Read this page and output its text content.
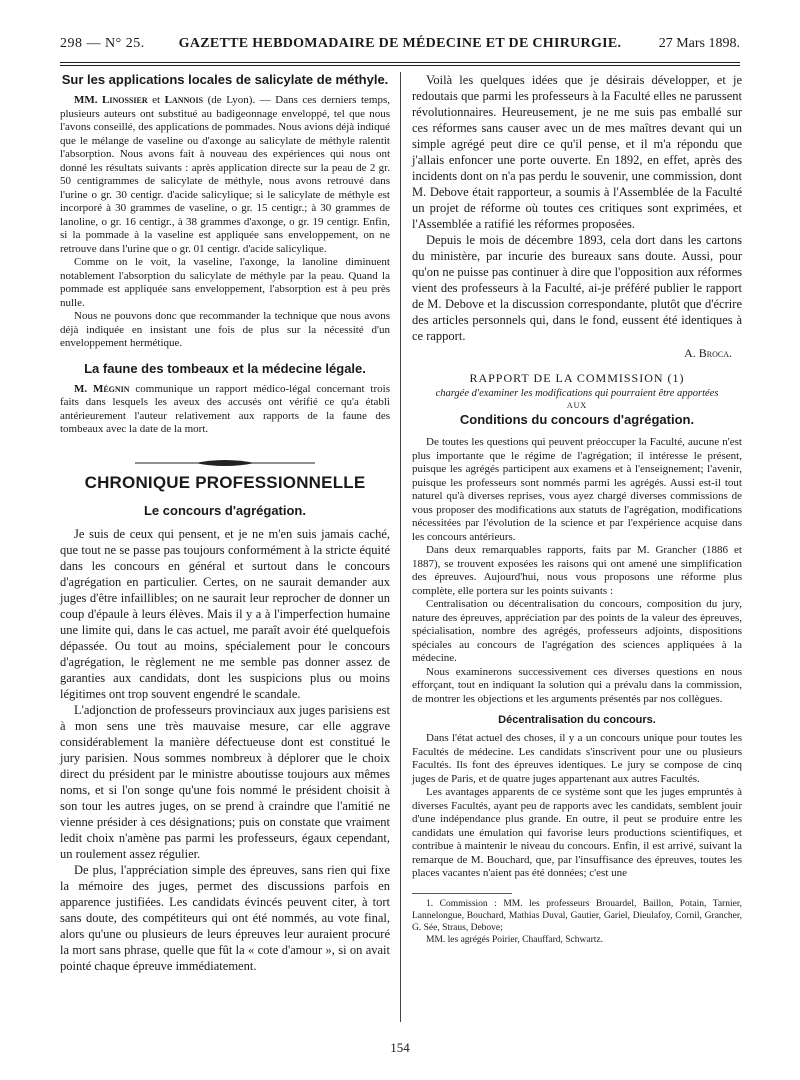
298 — N° 25.	GAZETTE HEBDOMADAIRE DE MÉDECINE ET DE CHIRURGIE.	27 Mars 1898.
Sur les applications locales de salicylate de méthyle.

MM. Linossier et Lannois (de Lyon). — Dans ces derniers temps, plusieurs auteurs ont substitué au badigeonnage enveloppé, tel que nous l'avons conseillé, des applications de pommades. Nous avions déjà indiqué que le mélange de vaseline ou d'axonge au salicylate de méthyle ralentit l'absorption. Nous avons fait à nouveau des expériences qui nous ont donné les résultats suivants : après application directe sur la peau de 2 gr. 50 centigrammes de salicylate de méthyle, nous avons retrouvé dans l'urine o gr. 30 centigr. d'acide salicylique; si le salicylate de méthyle est incorporé à 30 grammes de vaseline, o gr. 15 centigr.; à 30 grammes de lanoline, o gr. 16 centigr., à 38 grammes d'axonge, o gr. 19 centigr. Enfin, si la pommade à la vaseline est appliquée sans enveloppement, on ne retrouve dans l'urine que o gr. 01 centigr. d'acide salicylique.

Comme on le voit, la vaseline, l'axonge, la lanoline diminuent notablement l'absorption du salicylate de méthyle par la peau. Quand la pommade est appliquée sans enveloppement, l'absorption est à peu près nulle.

Nous ne pouvons donc que recommander la technique que nous avons déjà indiquée en insistant une fois de plus sur la nécessité d'un enveloppement hermétique.

La faune des tombeaux et la médecine légale.

M. Mégnin communique un rapport médico-légal concernant trois faits dans lesquels les aveux des accusés ont vérifié ce qu'a établi antérieurement l'auteur relativement aux rapports de la faune des tombeaux avec la date de la mort.

CHRONIQUE PROFESSIONNELLE
Le concours d'agrégation.

Je suis de ceux qui pensent, et je ne m'en suis jamais caché, que tout ne se passe pas toujours conformément à la stricte équité dans les concours en général et surtout dans le concours d'agrégation en particulier. Certes, on ne saurait demander aux juges d'être infaillibles; on ne saurait leur reprocher de donner un coup d'épaule à leurs élèves. Mais il y a à l'imperfection humaine une limite qui, dans le cas actuel, me paraît avoir été quelquefois dépassée. Ou tout au moins, spécialement pour le concours d'agrégation, le règlement ne me semble pas donner assez de garanties aux candidats, dont les suspicions plus ou moins légitimes ont trop souvent engendré le scandale.

L'adjonction de professeurs provinciaux aux juges parisiens est à mon sens une très mauvaise mesure, car elle aggrave considérablement la manière défectueuse dont est constitué le jury parisien. Nous sommes nombreux à déplorer que le choix direct du président par le ministre aboutisse toujours aux mêmes noms, et si l'on songe qu'une fois nommé le président choisit à son tour les autres juges, on se prend à craindre que l'amitié ne vienne présider à ces désignations; puis on constate que vraiment ledit choix n'amène pas parmi les professeurs, égaux cependant, un roulement assez régulier.

De plus, l'appréciation simple des épreuves, sans rien qui fixe la mémoire des juges, permet des discussions parfois en apparence justifiées. Les candidats évincés peuvent citer, à tort sans doute, des compétiteurs qui ont été nommés, au vote final, alors qu'une ou plusieurs de leurs épreuves leur auraient procuré la mort sans phrase, quelle que fût la « cote d'amour », si on avait pointé chaque épreuve immédiatement.

Voilà les quelques idées que je désirais développer, et je redoutais que parmi les professeurs à la Faculté elles ne parussent révolutionnaires. Heureusement, je ne me suis pas emballé sur ces réformes sans causer avec un de mes maîtres devant qui un simple agrégé peut dire ce qu'il pense, et il m'a répondu que j'allais enfoncer une porte ouverte. En 1892, en effet, après des incidents dont on n'a pas perdu le souvenir, une commission, dont M. Debove était rapporteur, a soumis à l'Assemblée de la Faculté un projet de réforme où toutes ces critiques sont exprimées, et l'Assemblée a ratifié les réformes proposées.

Depuis le mois de décembre 1893, cela dort dans les cartons du ministère, par incurie des bureaux sans doute. Aussi, pour qu'on ne puisse pas continuer à dire que l'opposition aux réformes vient des professeurs à la Faculté, ai-je préféré publier le rapport de M. Debove et la discussion correspondante, plutôt que d'écrire des articles personnels qui, dans le fond, eussent été identiques à ce rapport.

A. Broca.
RAPPORT DE LA COMMISSION (1)

chargée d'examiner les modifications qui pourraient être apportées

AUX
Conditions du concours d'agrégation.

De toutes les questions qui peuvent préoccuper la Faculté, aucune n'est plus importante que le régime de l'agrégation; il intéresse le présent, puisque les agrégés participent aux examens et à l'enseignement; l'avenir, puisque les professeurs sont nommés parmi les agrégés. Aussi est-il tout naturel qu'à diverses reprises, vous ayez chargé diverses commissions de vous proposer des modifications aux statuts de l'agrégation, modifications nécessitées par l'évolution de la science et par l'expérience acquise dans les concours antérieurs.

Dans deux remarquables rapports, faits par M. Grancher (1886 et 1887), se trouvent exposées les raisons qui ont amené une simplification des épreuves. Aujourd'hui, nous vous proposons une réforme plus complète, elle portera sur les points suivants :

Centralisation ou décentralisation du concours, composition du jury, nature des épreuves, appréciation par des points de la valeur des épreuves, spécialisation, nombre des agrégés, professeurs adjoints, dispositions spéciales au concours de l'agrégation des sciences appliquées à la médecine.

Nous examinerons successivement ces diverses questions en nous efforçant, tout en indiquant la solution qui a prévalu dans la commission, de montrer les objections et les arguments présentés par nos collègues.

Décentralisation du concours.

Dans l'état actuel des choses, il y a un concours unique pour toutes les Facultés de médecine. Les candidats s'inscrivent pour une ou plusieurs Facultés. Ils font des épreuves identiques. Le jury se compose de cinq juges de Paris, et de quatre juges appartenant aux autres Facultés.

Les avantages apparents de ce système sont que les juges empruntés à diverses Facultés, ayant peu de rapports avec les candidats, semblent jouir d'une indépendance plus grande. En outre, il peut se produire entre les candidats une émulation qui favorise leurs productions scientifiques, et contribue à maintenir le niveau du concours. Enfin, il est arrivé, suivant la remarque de M. Bouchard, que, par l'insuffisance des épreuves, toutes les places vacantes n'aient pas été données; c'est une

1. Commission : MM. les professeurs Brouardel, Baillon, Potain, Tarnier, Lannelongue, Bouchard, Mathias Duval, Gautier, Gariel, Dieulafoy, Cornil, Grancher, G. Sée, Straus, Debove;

MM. les agrégés Poirier, Chauffard, Schwartz.

154
